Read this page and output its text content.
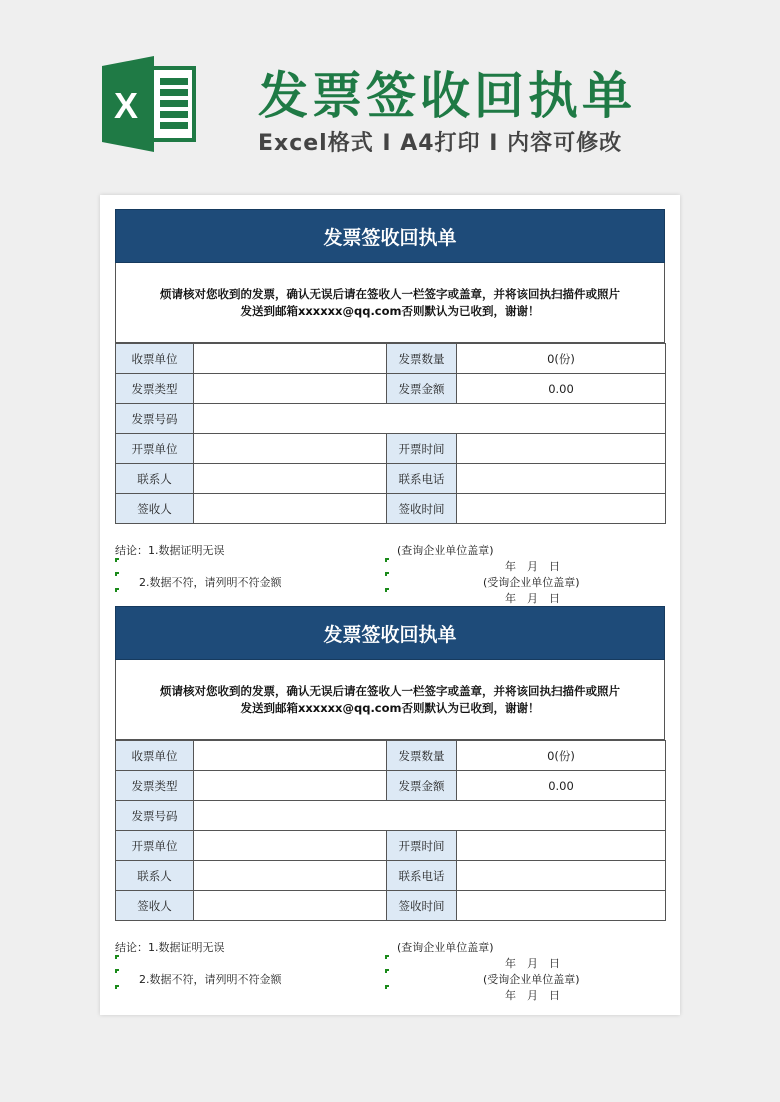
X 发票签收回执单
Excel格式 I A4打印 I 内容可修改
发票签收回执单
烦请核对您收到的发票，确认无误后请在签收人一栏签字或盖章，并将该回执扫描件或照片
发送到邮箱xxxxxx@qq.com否则默认为已收到，谢谢！
收票单位		发票数量	0(份)
发票类型		发票金额	0.00
发票号码			
开票单位		开票时间	
联系人		联系电话	
签收人		签收时间	
结论：1.数据证明无误
2.数据不符，请列明不符金额
(查询企业单位盖章)
年　月　日
(受询企业单位盖章)
年　月　日
发票签收回执单
烦请核对您收到的发票，确认无误后请在签收人一栏签字或盖章，并将该回执扫描件或照片
发送到邮箱xxxxxx@qq.com否则默认为已收到，谢谢！
收票单位		发票数量	0(份)
发票类型		发票金额	0.00
发票号码			
开票单位		开票时间	
联系人		联系电话	
签收人		签收时间	
结论：1.数据证明无误
2.数据不符，请列明不符金额
(查询企业单位盖章)
年　月　日
(受询企业单位盖章)
年　月　日
